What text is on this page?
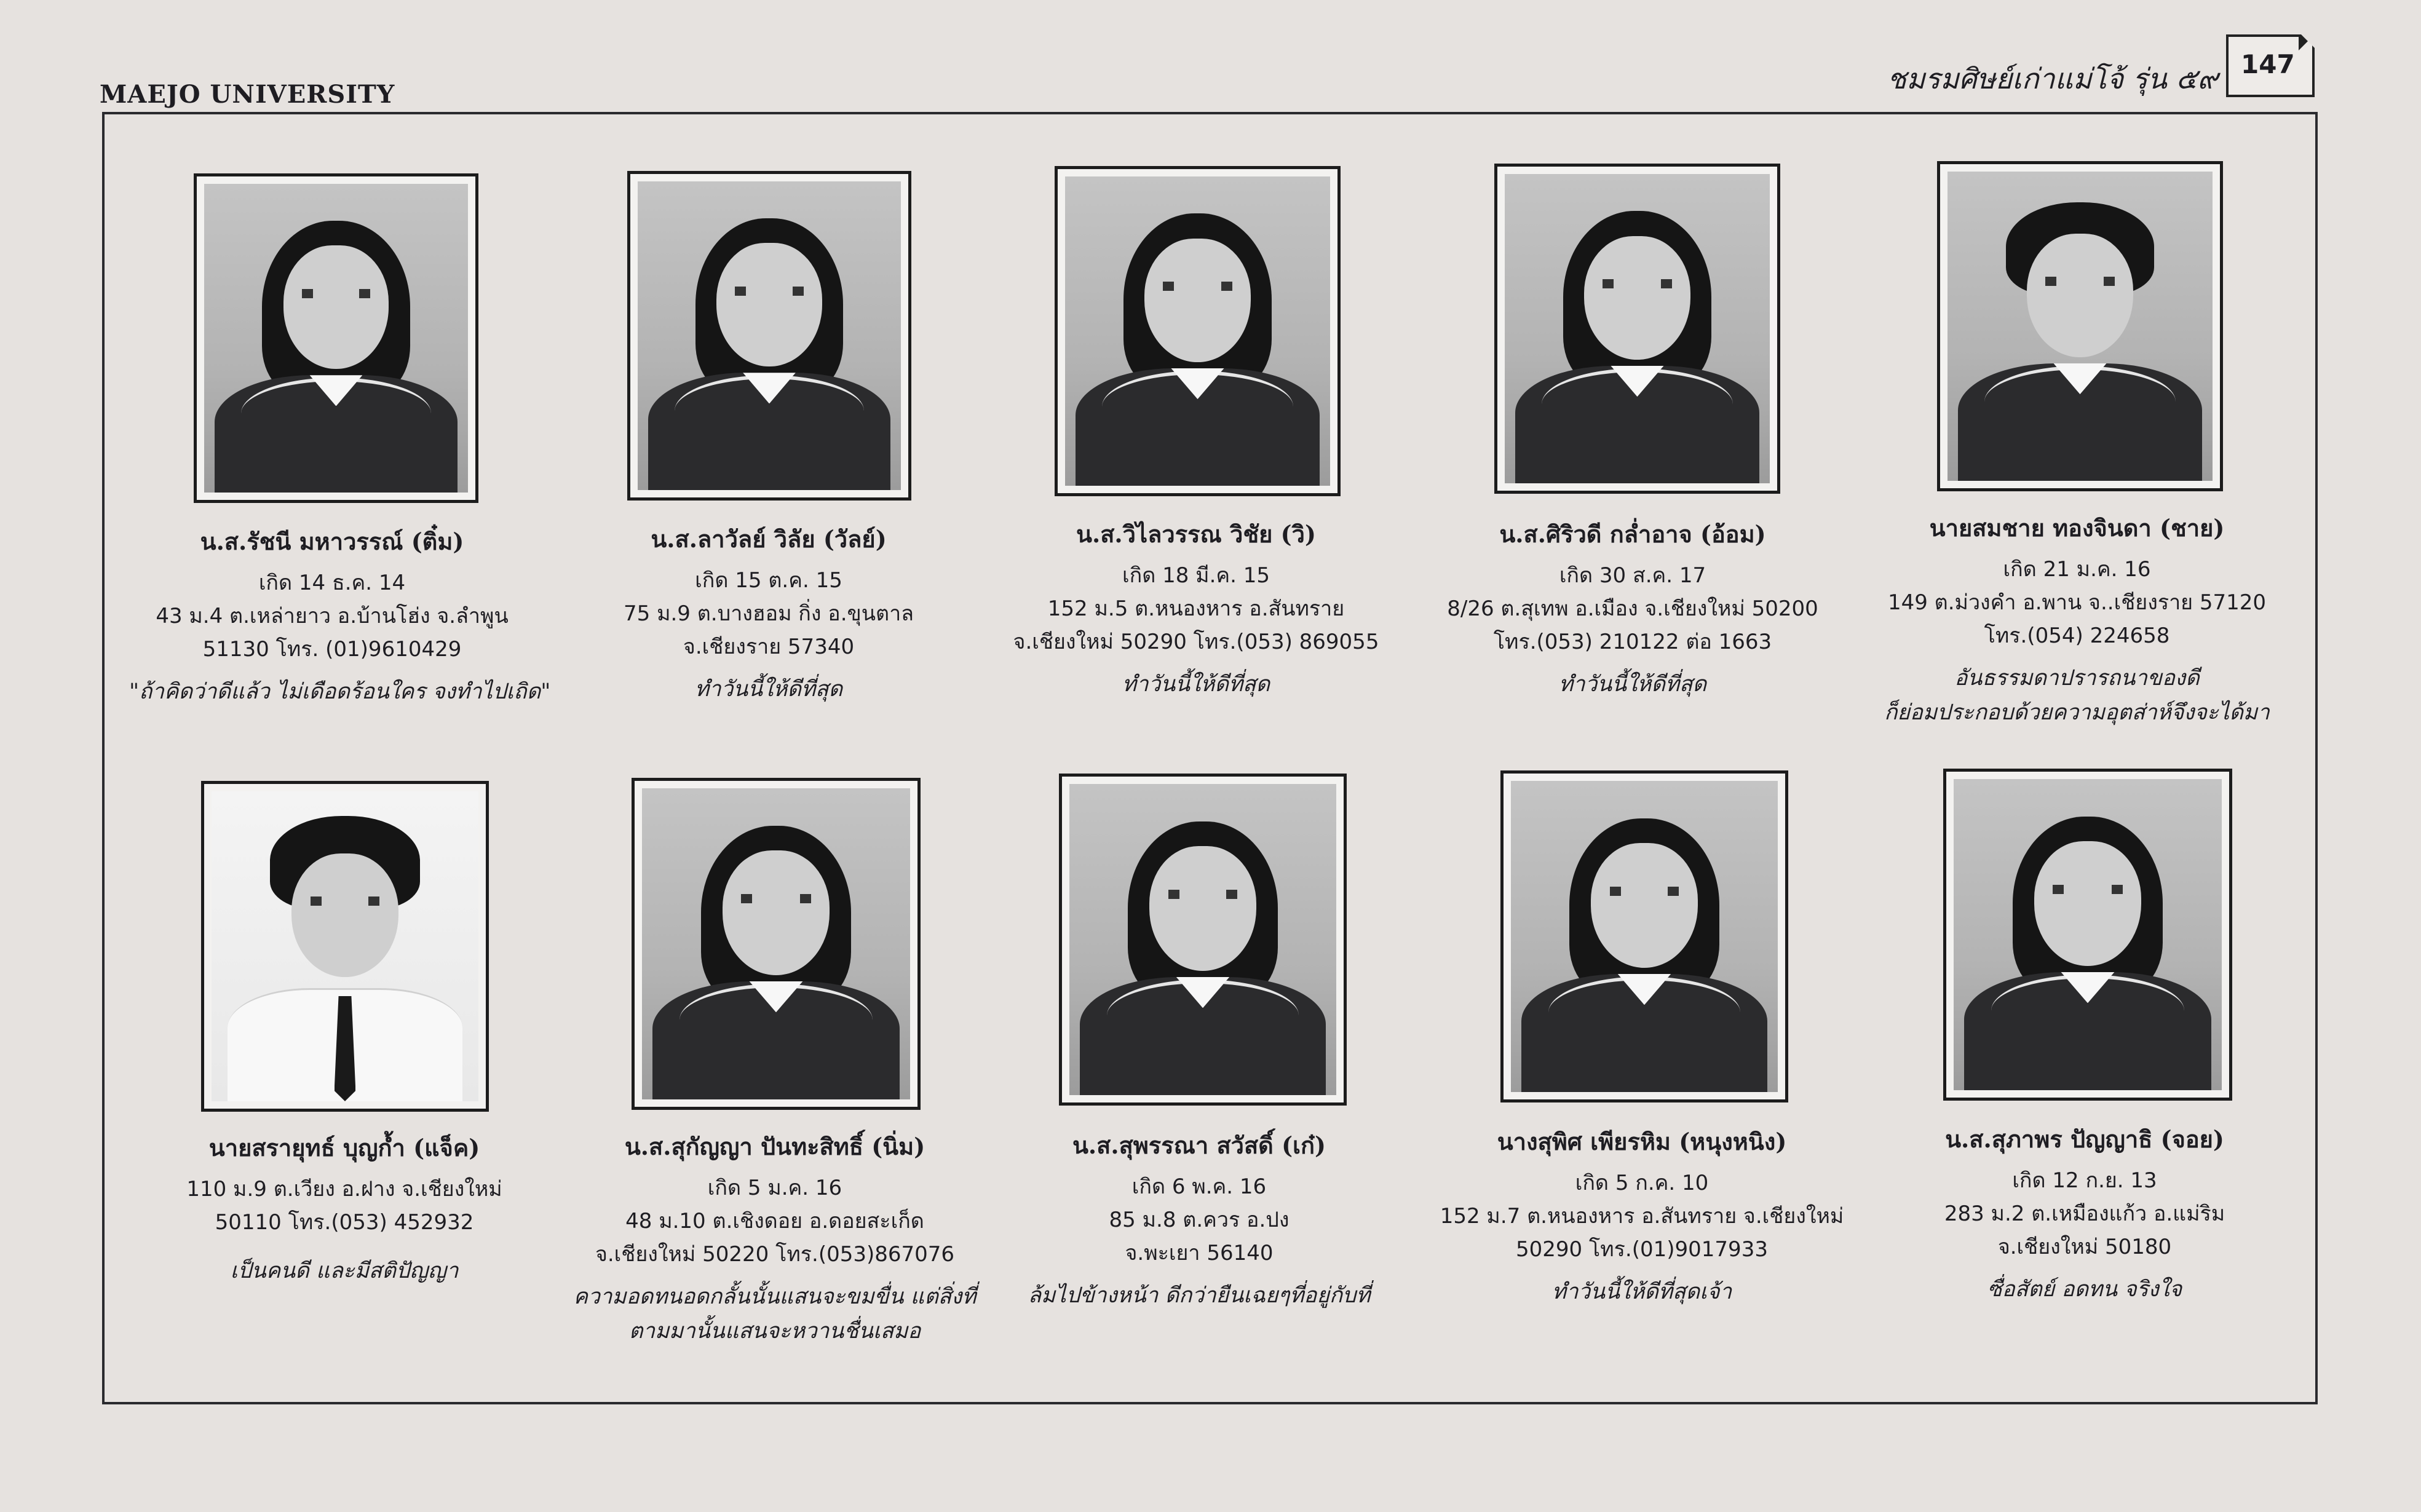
MAEJO UNIVERSITY	ชมรมศิษย์เก่าแม่โจ้ รุ่น ๕๙ 147
น.ส.รัชนี มหาวรรณ์ (ติ๋ม)
เกิด 14 ธ.ค. 14
43 ม.4 ต.เหล่ายาว อ.บ้านโฮ่ง จ.ลำพูน
51130 โทร. (01)9610429
"ถ้าคิดว่าดีแล้ว ไม่เดือดร้อนใคร จงทำไปเถิด"
น.ส.ลาวัลย์ วิลัย (วัลย์)
เกิด 15 ต.ค. 15
75 ม.9 ต.บางฮอม กิ่ง อ.ขุนตาล
จ.เชียงราย 57340
ทำวันนี้ให้ดีที่สุด
น.ส.วิไลวรรณ วิชัย (วิ)
เกิด 18 มี.ค. 15
152 ม.5 ต.หนองหาร อ.สันทราย
จ.เชียงใหม่ 50290 โทร.(053) 869055
ทำวันนี้ให้ดีที่สุด
น.ส.ศิริวดี กล่ำอาจ (อ้อม)
เกิด 30 ส.ค. 17
8/26 ต.สุเทพ อ.เมือง จ.เชียงใหม่ 50200
โทร.(053) 210122 ต่อ 1663
ทำวันนี้ให้ดีที่สุด
นายสมชาย ทองจินดา (ชาย)
เกิด 21 ม.ค. 16
149 ต.ม่วงคำ อ.พาน จ..เชียงราย 57120
โทร.(054) 224658
อันธรรมดาปรารถนาของดี
ก็ย่อมประกอบด้วยความอุตส่าห์จึงจะได้มา
นายสรายุทธ์ บุญก้ำ (แจ็ค)
110 ม.9 ต.เวียง อ.ฝาง จ.เชียงใหม่
50110 โทร.(053) 452932
เป็นคนดี และมีสติปัญญา
น.ส.สุกัญญา ปันทะสิทธิ์ (นิ่ม)
เกิด 5 ม.ค. 16
48 ม.10 ต.เชิงดอย อ.ดอยสะเก็ด
จ.เชียงใหม่ 50220 โทร.(053)867076
ความอดทนอดกลั้นนั้นแสนจะขมขื่น แต่สิ่งที่
ตามมานั้นแสนจะหวานชื่นเสมอ
น.ส.สุพรรณา สวัสดิ์ (เก๋)
เกิด 6 พ.ค. 16
85 ม.8 ต.ควร อ.ปง
จ.พะเยา 56140
ล้มไปข้างหน้า ดีกว่ายืนเฉยๆที่อยู่กับที่
นางสุพิศ เพียรหิม (หนุงหนิง)
เกิด 5 ก.ค. 10
152 ม.7 ต.หนองหาร อ.สันทราย จ.เชียงใหม่
50290 โทร.(01)9017933
ทำวันนี้ให้ดีที่สุดเจ้า
น.ส.สุภาพร ปัญญาธิ (จอย)
เกิด 12 ก.ย. 13
283 ม.2 ต.เหมืองแก้ว อ.แม่ริม
จ.เชียงใหม่ 50180
ซื่อสัตย์ อดทน จริงใจ
